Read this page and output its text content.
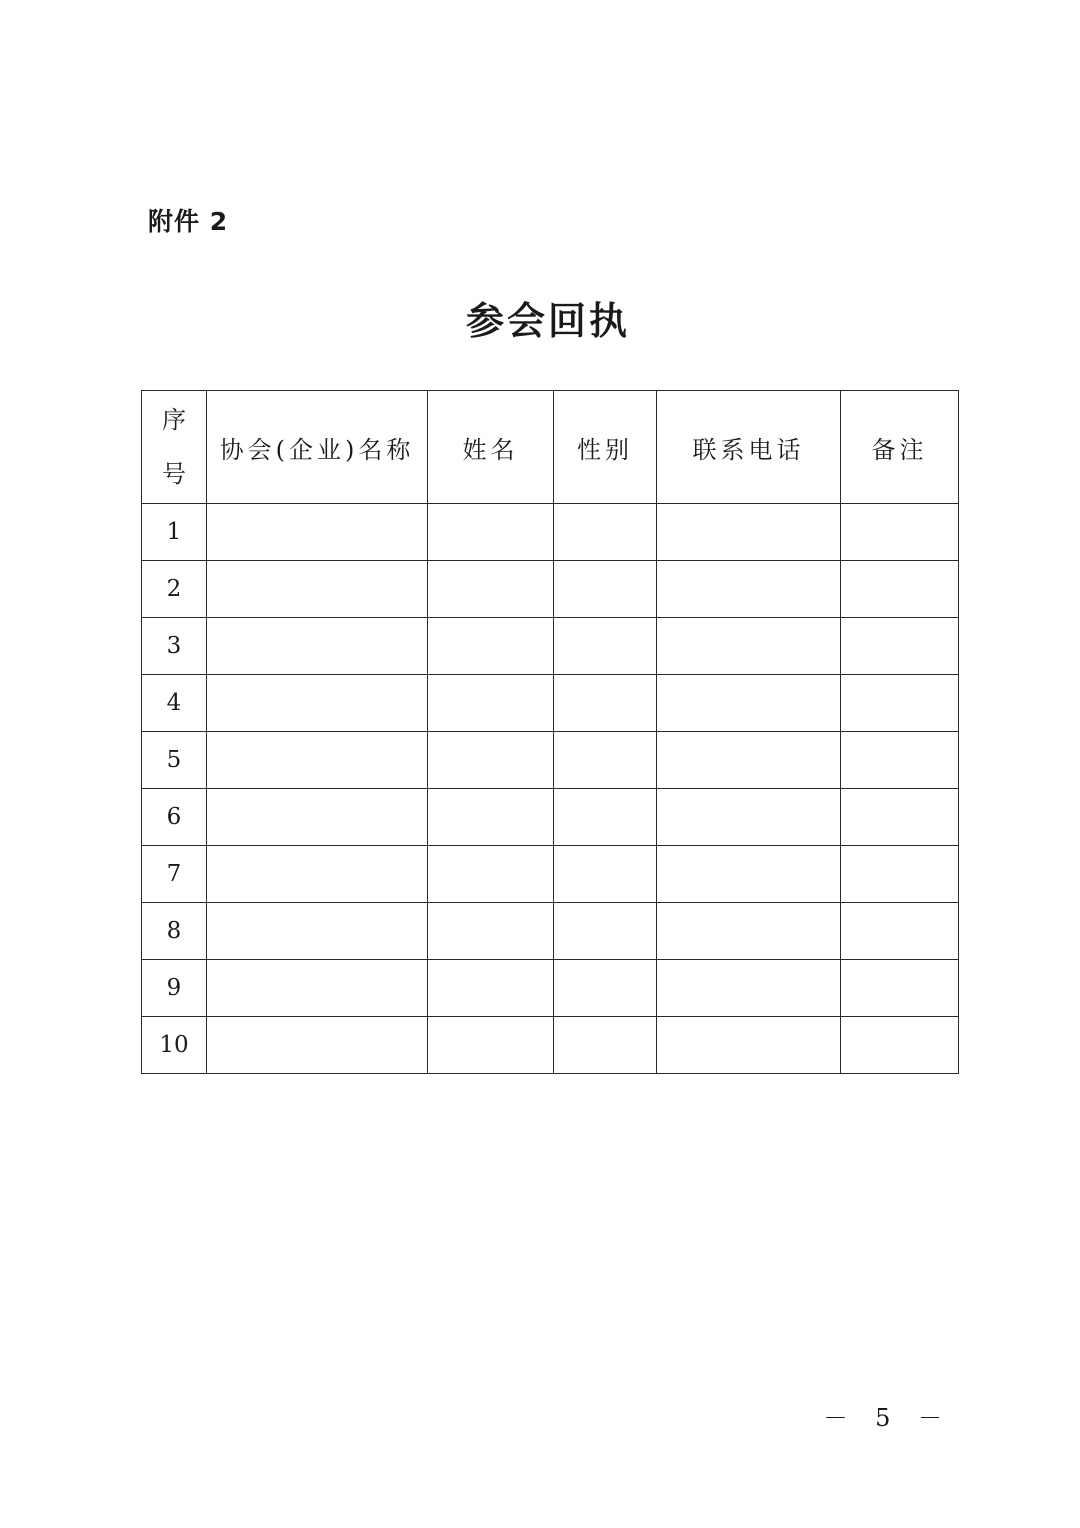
附件 2
参会回执
序
号	协会(企业)名称	姓名	性别	联系电话	备注
1					
2					
3					
4					
5					
6					
7					
8					
9					
10					
－ 5 －
